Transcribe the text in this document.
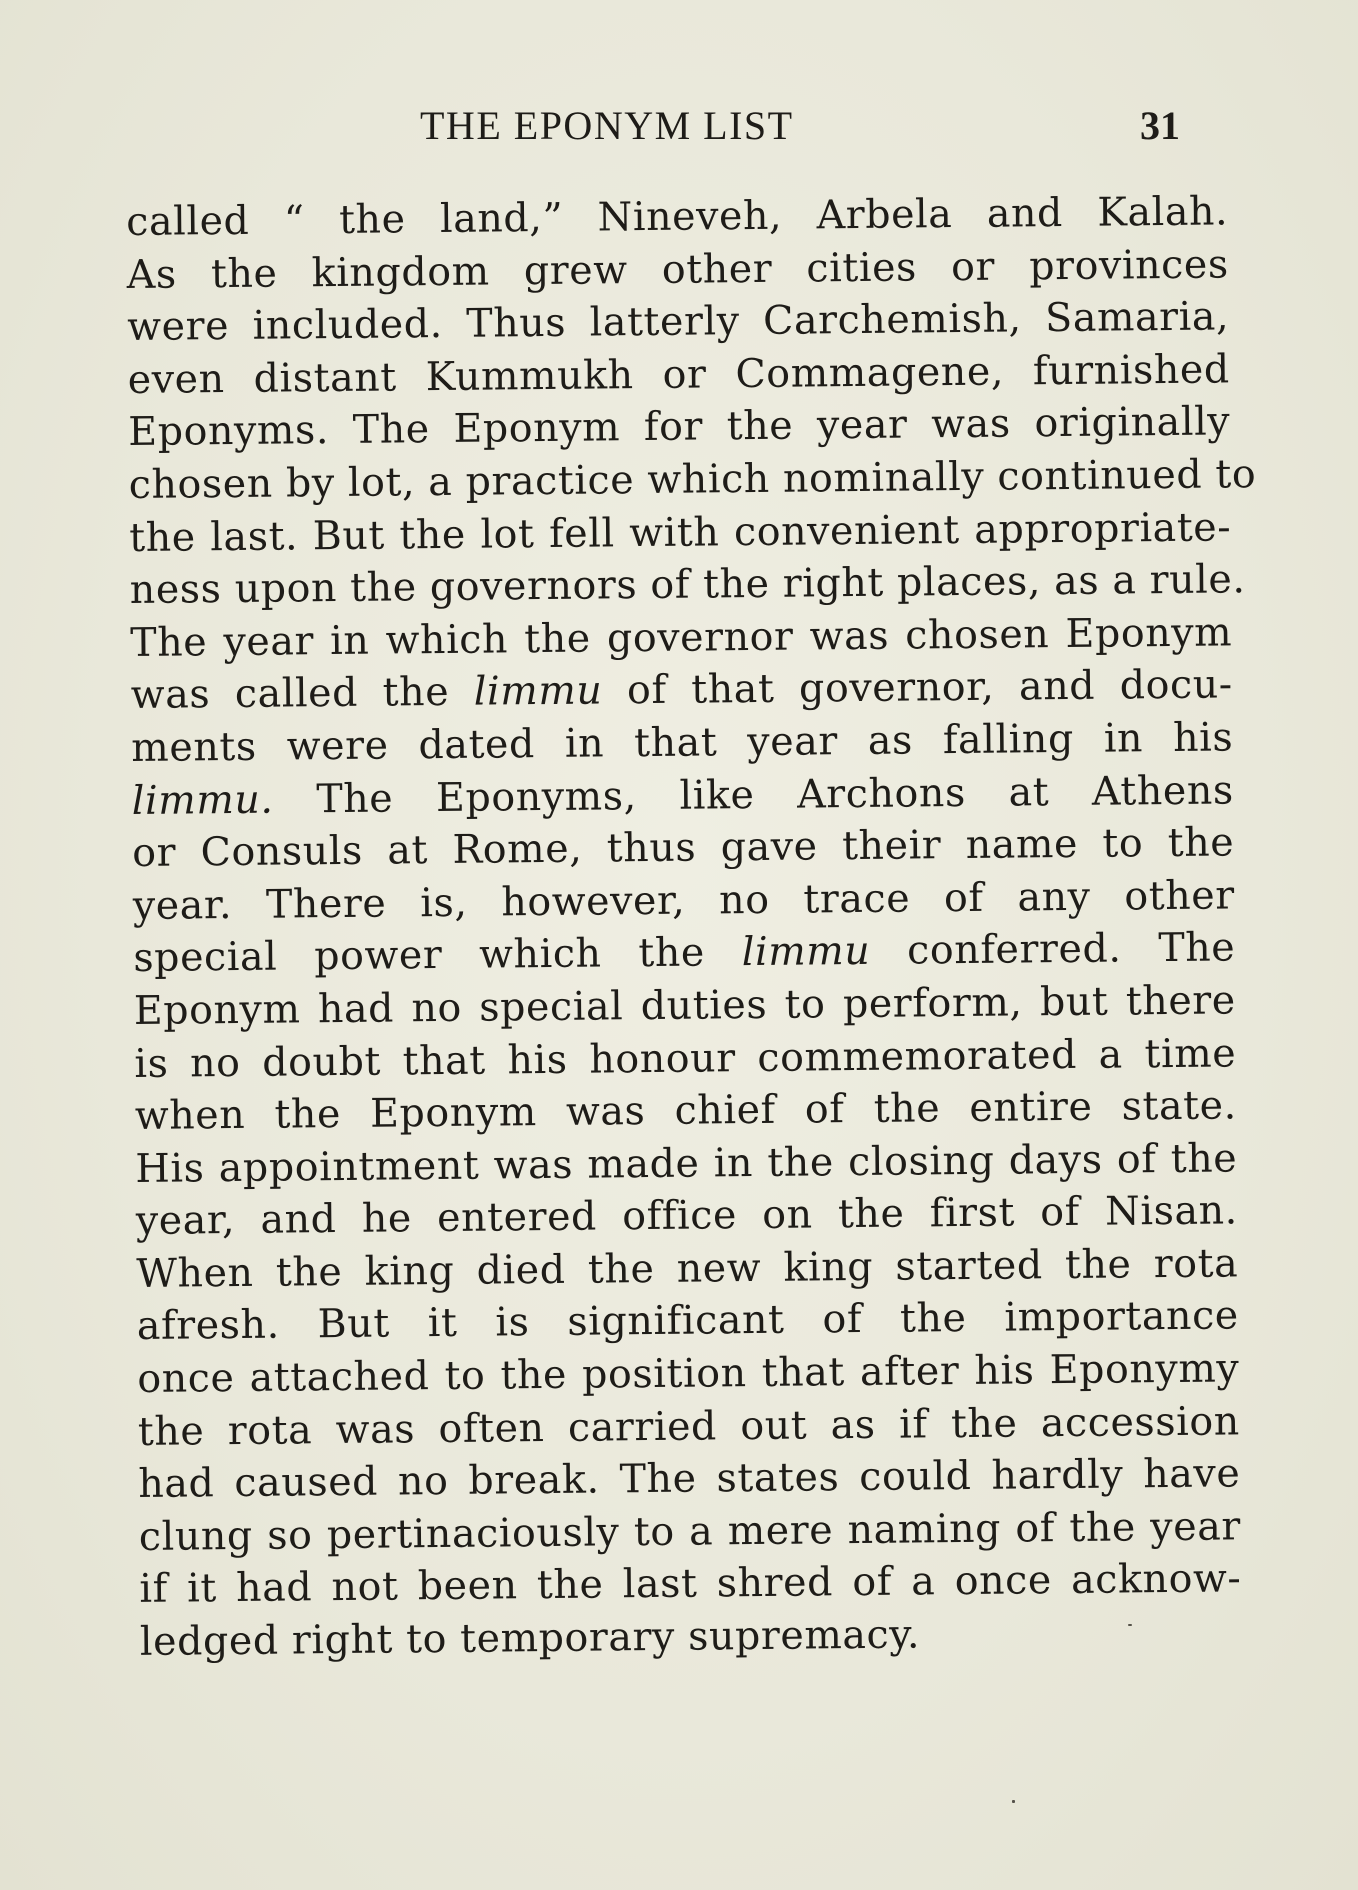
THE EPONYM LIST	31
called “ the land,” Nineveh, Arbela and Kalah.
As the kingdom grew other cities or provinces
were included. Thus latterly Carchemish, Samaria,
even distant Kummukh or Commagene, furnished
Eponyms. The Eponym for the year was originally
chosen by lot, a practice which nominally continued to
the last. But the lot fell with convenient appropriate-
ness upon the governors of the right places, as a rule.
The year in which the governor was chosen Eponym
was called the limmu of that governor, and docu-
ments were dated in that year as falling in his
limmu. The Eponyms, like Archons at Athens
or Consuls at Rome, thus gave their name to the
year. There is, however, no trace of any other
special power which the limmu conferred. The
Eponym had no special duties to perform, but there
is no doubt that his honour commemorated a time
when the Eponym was chief of the entire state.
His appointment was made in the closing days of the
year, and he entered office on the first of Nisan.
When the king died the new king started the rota
afresh. But it is significant of the importance
once attached to the position that after his Eponymy
the rota was often carried out as if the accession
had caused no break. The states could hardly have
clung so pertinaciously to a mere naming of the year
if it had not been the last shred of a once acknow-
ledged right to temporary supremacy.
